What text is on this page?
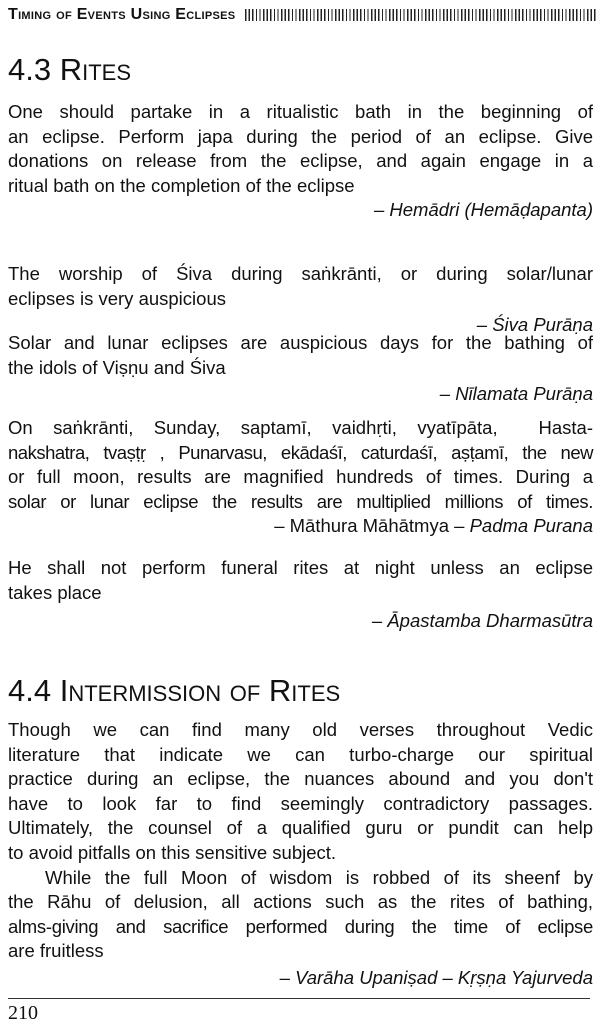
Timing of Events Using Eclipses
4.3 Rites
One should partake in a ritualistic bath in the beginning of
an eclipse. Perform japa during the period of an eclipse. Give
donations on release from the eclipse, and again engage in a
ritual bath on the completion of the eclipse
– Hemādri (Hemāḍapanta)
The worship of Śiva during saṅkrānti, or during solar/lunar
eclipses is very auspicious
– Śiva Purāṇa
Solar and lunar eclipses are auspicious days for the bathing of
the idols of Viṣṇu and Śiva
– Nīlamata Purāṇa
On saṅkrānti, Sunday, saptamī, vaidhṛti, vyatīpāta,  Hasta-
nakshatra, tvaṣṭṛ , Punarvasu, ekādaśī, caturdaśī, aṣṭamī, the new
or full moon, results are magnified hundreds of times. During a
solar or lunar eclipse the results are multiplied millions of times.
– Māthura Māhātmya – Padma Purana
He shall not perform funeral rites at night unless an eclipse
takes place
– Āpastamba Dharmasūtra
4.4 Intermission of Rites
Though we can find many old verses throughout Vedic
literature that indicate we can turbo-charge our spiritual
practice during an eclipse, the nuances abound and you don't
have to look far to find seemingly contradictory passages.
Ultimately, the counsel of a qualified guru or pundit can help
to avoid pitfalls on this sensitive subject.
While the full Moon of wisdom is robbed of its sheenf by
the Rāhu of delusion, all actions such as the rites of bathing,
alms-giving and sacrifice performed during the time of eclipse
are fruitless
– Varāha Upaniṣad – Kṛṣṇa Yajurveda
210
